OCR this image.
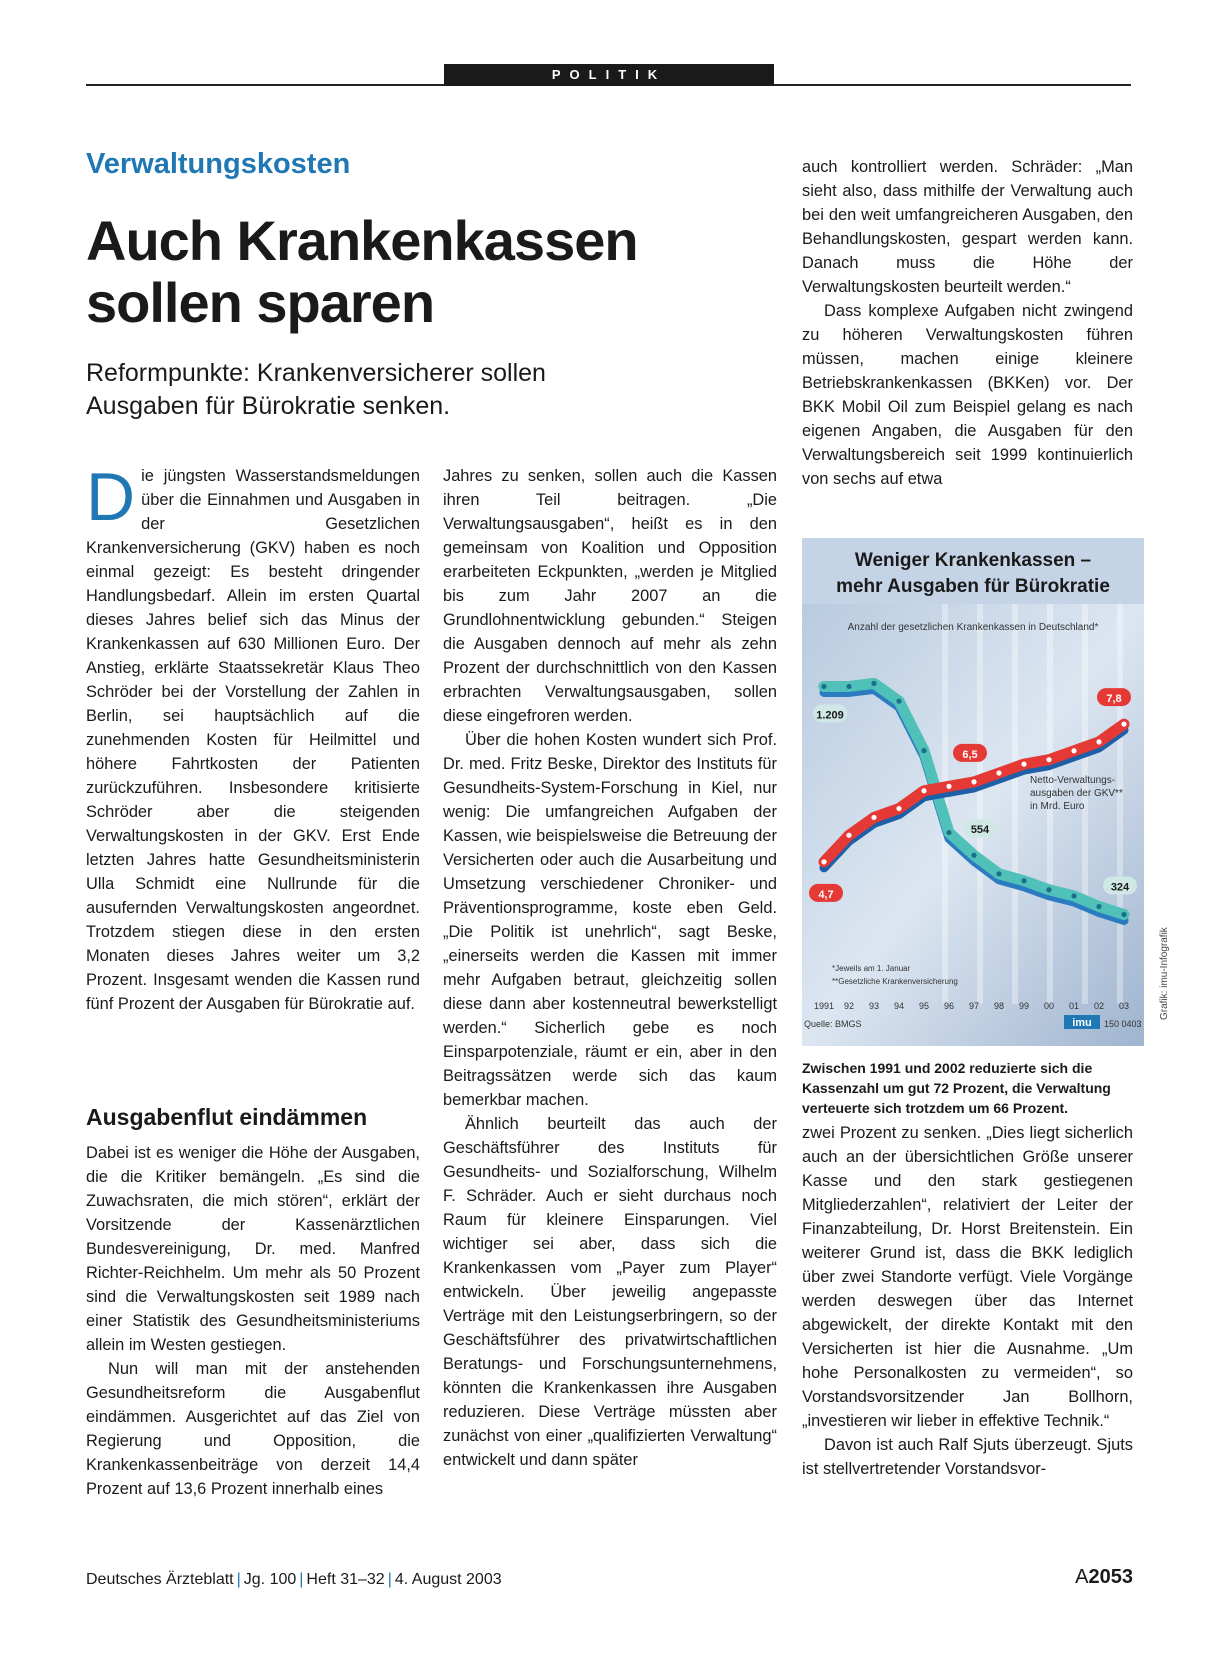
POLITIK
Verwaltungskosten
Auch Krankenkassen sollen sparen
Reformpunkte: Krankenversicherer sollen Ausgaben für Bürokratie senken.

Die jüngsten Wasserstandsmeldungen über die Einnahmen und Ausgaben in der Gesetzlichen Krankenversicherung (GKV) haben es noch einmal gezeigt: Es besteht dringender Handlungsbedarf. Allein im ersten Quartal dieses Jahres belief sich das Minus der Krankenkassen auf 630 Millionen Euro. Der Anstieg, erklärte Staatssekretär Klaus Theo Schröder bei der Vorstellung der Zahlen in Berlin, sei hauptsächlich auf die zunehmenden Kosten für Heilmittel und höhere Fahrtkosten der Patienten zurückzuführen. Insbesondere kritisierte Schröder aber die steigenden Verwaltungskosten in der GKV. Erst Ende letzten Jahres hatte Gesundheitsministerin Ulla Schmidt eine Nullrunde für die ausufernden Verwaltungskosten angeordnet. Trotzdem stiegen diese in den ersten Monaten dieses Jahres weiter um 3,2 Prozent. Insgesamt wenden die Kassen rund fünf Prozent der Ausgaben für Bürokratie auf.

Ausgabenflut eindämmen

Dabei ist es weniger die Höhe der Ausgaben, die die Kritiker bemängeln. „Es sind die Zuwachsraten, die mich stören“, erklärt der Vorsitzende der Kassenärztlichen Bundesvereinigung, Dr. med. Manfred Richter-Reichhelm. Um mehr als 50 Prozent sind die Verwaltungskosten seit 1989 nach einer Statistik des Gesundheitsministeriums allein im Westen gestiegen.

Nun will man mit der anstehenden Gesundheitsreform die Ausgabenflut eindämmen. Ausgerichtet auf das Ziel von Regierung und Opposition, die Krankenkassenbeiträge von derzeit 14,4 Prozent auf 13,6 Prozent innerhalb eines

Jahres zu senken, sollen auch die Kassen ihren Teil beitragen. „Die Verwaltungsausgaben“, heißt es in den gemeinsam von Koalition und Opposition erarbeiteten Eckpunkten, „werden je Mitglied bis zum Jahr 2007 an die Grundlohnentwicklung gebunden.“ Steigen die Ausgaben dennoch auf mehr als zehn Prozent der durchschnittlich von den Kassen erbrachten Verwaltungsausgaben, sollen diese eingefroren werden.

Über die hohen Kosten wundert sich Prof. Dr. med. Fritz Beske, Direktor des Instituts für Gesundheits-System-Forschung in Kiel, nur wenig: Die umfangreichen Aufgaben der Kassen, wie beispielsweise die Betreuung der Versicherten oder auch die Ausarbeitung und Umsetzung verschiedener Chroniker- und Präventionsprogramme, koste eben Geld. „Die Politik ist unehrlich“, sagt Beske, „einerseits werden die Kassen mit immer mehr Aufgaben betraut, gleichzeitig sollen diese dann aber kostenneutral bewerkstelligt werden.“ Sicherlich gebe es noch Einsparpotenziale, räumt er ein, aber in den Beitragssätzen werde sich das kaum bemerkbar machen.

Ähnlich beurteilt das auch der Geschäftsführer des Instituts für Gesundheits- und Sozialforschung, Wilhelm F. Schräder. Auch er sieht durchaus noch Raum für kleinere Einsparungen. Viel wichtiger sei aber, dass sich die Krankenkassen vom „Payer zum Player“ entwickeln. Über jeweilig angepasste Verträge mit den Leistungserbringern, so der Geschäftsführer des privatwirtschaftlichen Beratungs- und Forschungsunternehmens, könnten die Krankenkassen ihre Ausgaben reduzieren. Diese Verträge müssten aber zunächst von einer „qualifizierten Verwaltung“ entwickelt und dann später

auch kontrolliert werden. Schräder: „Man sieht also, dass mithilfe der Verwaltung auch bei den weit umfangreicheren Ausgaben, den Behandlungskosten, gespart werden kann. Danach muss die Höhe der Verwaltungskosten beurteilt werden.“

Dass komplexe Aufgaben nicht zwingend zu höheren Verwaltungskosten führen müssen, machen einige kleinere Betriebskrankenkassen (BKKen) vor. Der BKK Mobil Oil zum Beispiel gelang es nach eigenen Angaben, die Ausgaben für den Verwaltungsbereich seit 1999 kontinuierlich von sechs auf etwa

Weniger Krankenkassen –
mehr Ausgaben für Bürokratie
Anzahl der gesetzlichen Krankenkassen in Deutschland*
1.209
554
324
4,7
6,5
7,8
Netto-Verwaltungs-
ausgaben der GKV**
in Mrd. Euro
*Jeweils am 1. Januar
**Gesetzliche Krankenversicherung
1991 92 93 94 95 96 97 98 99 00 01 02 03
Quelle: BMGS	imu 150 0403
Grafik: imu-Infografik
Zwischen 1991 und 2002 reduzierte sich die Kassenzahl um gut 72 Prozent, die Verwaltung verteuerte sich trotzdem um 66 Prozent.

zwei Prozent zu senken. „Dies liegt sicherlich auch an der übersichtlichen Größe unserer Kasse und den stark gestiegenen Mitgliederzahlen“, relativiert der Leiter der Finanzabteilung, Dr. Horst Breitenstein. Ein weiterer Grund ist, dass die BKK lediglich über zwei Standorte verfügt. Viele Vorgänge werden deswegen über das Internet abgewickelt, der direkte Kontakt mit den Versicherten ist hier die Ausnahme. „Um hohe Personalkosten zu vermeiden“, so Vorstandsvorsitzender Jan Bollhorn, „investieren wir lieber in effektive Technik.“

Davon ist auch Ralf Sjuts überzeugt. Sjuts ist stellvertretender Vorstandsvor-

Deutsches Ärzteblatt | Jg. 100 | Heft 31–32 | 4. August 2003	A2053
